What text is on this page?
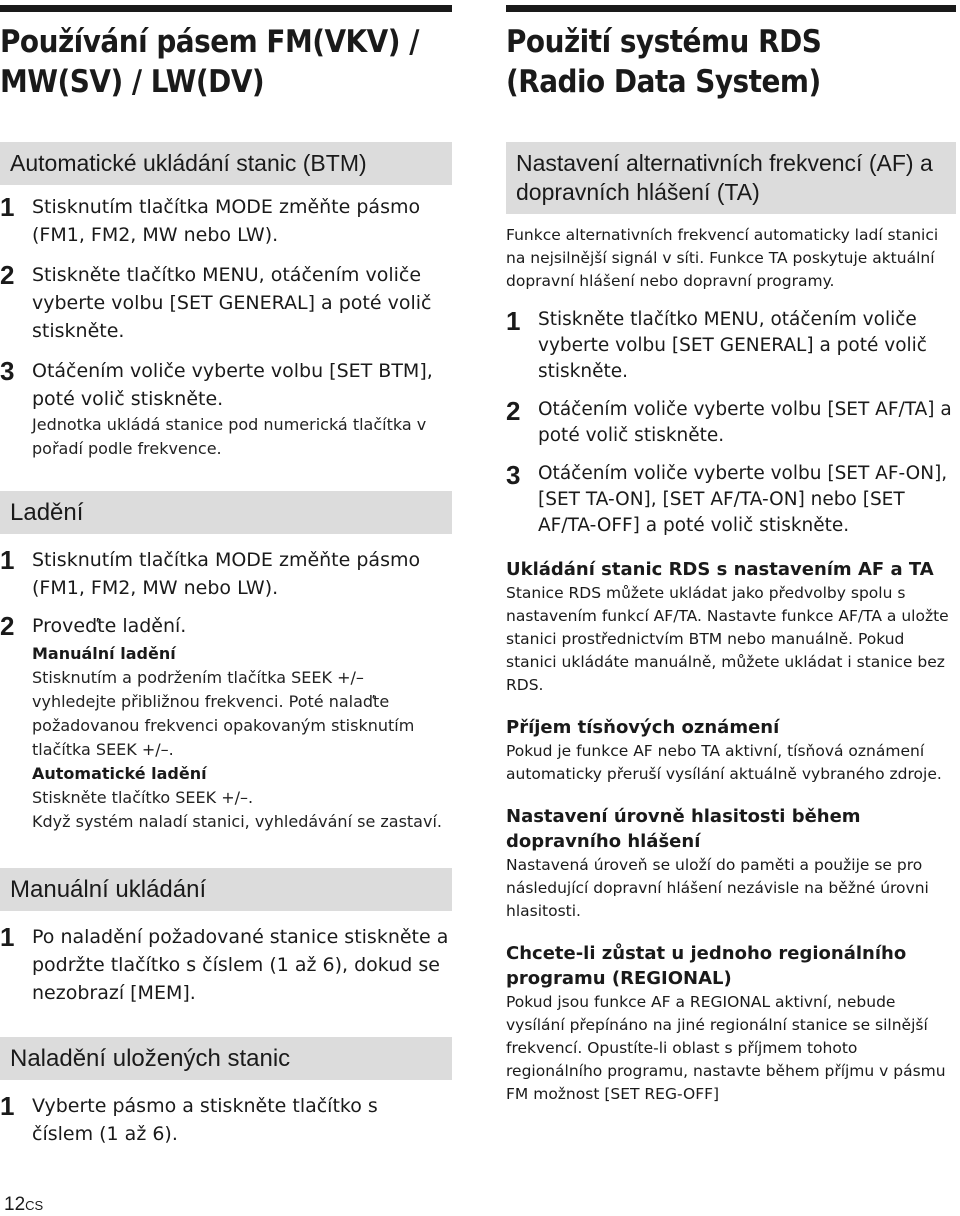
Používání pásem FM(VKV) / MW(SV) / LW(DV)
Automatické ukládání stanic (BTM)
1 Stisknutím tlačítka MODE změňte pásmo (FM1, FM2, MW nebo LW).
2 Stiskněte tlačítko MENU, otáčením voliče vyberte volbu [SET GENERAL] a poté volič stiskněte.
3 Otáčením voliče vyberte volbu [SET BTM], poté volič stiskněte.
Jednotka ukládá stanice pod numerická tlačítka v pořadí podle frekvence.
Ladění
1 Stisknutím tlačítka MODE změňte pásmo (FM1, FM2, MW nebo LW).
2 Proveďte ladění.
Manuální ladění
Stisknutím a podržením tlačítka SEEK +/– vyhledejte přibližnou frekvenci. Poté nalaďte požadovanou frekvenci opakovaným stisknutím tlačítka SEEK +/–.
Automatické ladění
Stiskněte tlačítko SEEK +/–.
Když systém naladí stanici, vyhledávání se zastaví.
Manuální ukládání
1 Po naladění požadované stanice stiskněte a podržte tlačítko s číslem (1 až 6), dokud se nezobrazí [MEM].
Naladění uložených stanic
1 Vyberte pásmo a stiskněte tlačítko s číslem (1 až 6).
12CS
Použití systému RDS (Radio Data System)
Nastavení alternativních frekvencí (AF) a dopravních hlášení (TA)
Funkce alternativních frekvencí automaticky ladí stanici na nejsilnější signál v síti. Funkce TA poskytuje aktuální dopravní hlášení nebo dopravní programy.
1 Stiskněte tlačítko MENU, otáčením voliče vyberte volbu [SET GENERAL] a poté volič stiskněte.
2 Otáčením voliče vyberte volbu [SET AF/TA] a poté volič stiskněte.
3 Otáčením voliče vyberte volbu [SET AF-ON], [SET TA-ON], [SET AF/TA-ON] nebo [SET AF/TA-OFF] a poté volič stiskněte.
Ukládání stanic RDS s nastavením AF a TA
Stanice RDS můžete ukládat jako předvolby spolu s nastavením funkcí AF/TA. Nastavte funkce AF/TA a uložte stanici prostřednictvím BTM nebo manuálně. Pokud stanici ukládáte manuálně, můžete ukládat i stanice bez RDS.
Příjem tísňových oznámení
Pokud je funkce AF nebo TA aktivní, tísňová oznámení automaticky přeruší vysílání aktuálně vybraného zdroje.
Nastavení úrovně hlasitosti během dopravního hlášení
Nastavená úroveň se uloží do paměti a použije se pro následující dopravní hlášení nezávisle na běžné úrovni hlasitosti.
Chcete-li zůstat u jednoho regionálního programu (REGIONAL)
Pokud jsou funkce AF a REGIONAL aktivní, nebude vysílání přepínáno na jiné regionální stanice se silnější frekvencí. Opustíte-li oblast s příjmem tohoto regionálního programu, nastavte během příjmu v pásmu FM možnost [SET REG-OFF]
